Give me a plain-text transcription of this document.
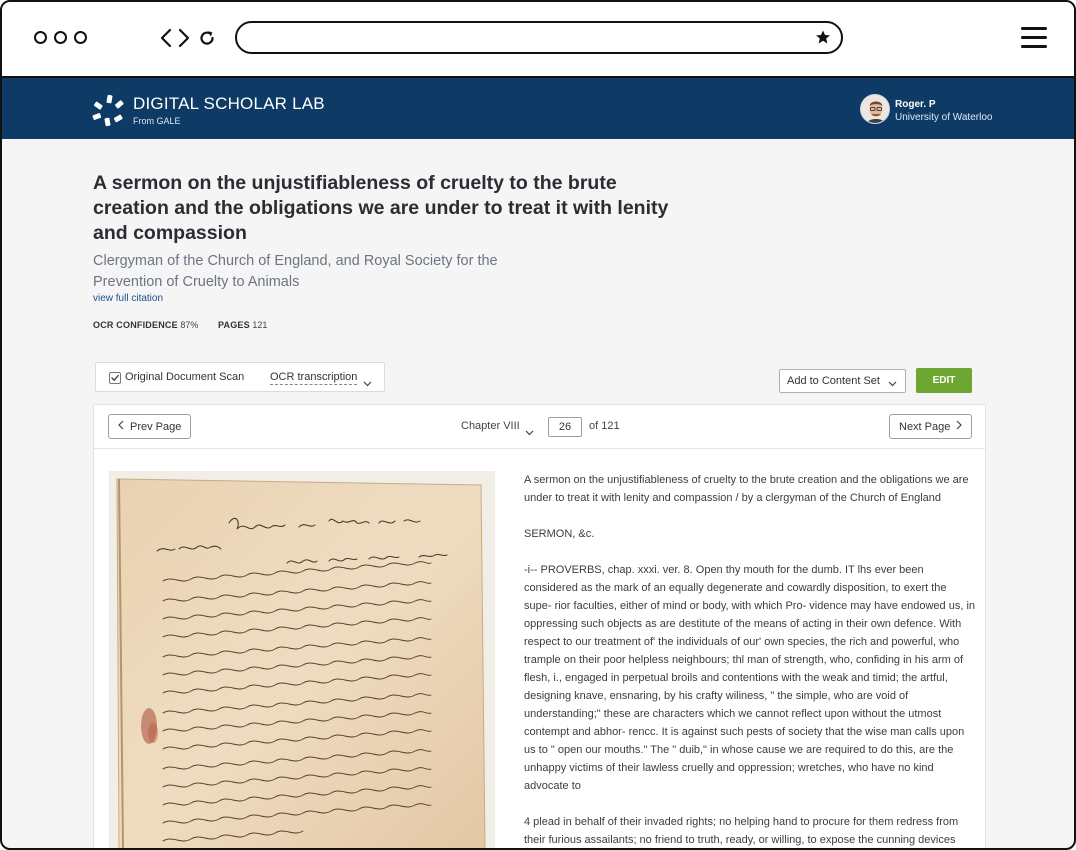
DIGITAL SCHOLAR LAB
From GALE
Roger. P
University of Waterloo
A sermon on the unjustifiableness of cruelty to the brute creation and the obligations we are under to treat it with lenity and compassion
Clergyman of the Church of England, and Royal Society for the Prevention of Cruelty to Animals
view full citation
OCR CONFIDENCE 87% PAGES 121
Original Document Scan OCR transcription	Add to Content Set	EDIT
Prev Page	Chapter VIII	26	of 121	Next Page

A sermon on the unjustifiableness of cruelty to the brute creation and the obligations we are under to treat it with lenity and compassion / by a clergyman of the Church of England

SERMON, &c.

-i-- PROVERBS, chap. xxxi. ver. 8. Open thy mouth for the dumb. IT lhs ever been considered as the mark of an equally degenerate and cowardly disposition, to exert the supe- rior faculties, either of mind or body, with which Pro- vidence may have endowed us, in oppressing such objects as are destitute of the means of acting in their own defence. With respect to our treatment of' the individuals of our' own species, the rich and powerful, who trample on their poor helpless neighbours; thl man of strength, who, confiding in his arm of flesh, i., engaged in perpetual broils and contentions with the weak and timid; the artful, designing knave, ensnaring, by his crafty wiliness, " the simple, who are void of understanding;" these are characters which we cannot reflect upon without the utmost contempt and abhor- rencc. It is against such pests of society that the wise man calls upon us to " open our mouths." The " duib," in whose cause we are required to do this, are the unhappy victims of their lawless cruelly and oppression; wretches, who have no kind advocate to

4 plead in behalf of their invaded rights; no helping hand to procure for them redress from their furious assailants; no friend to truth, ready, or willing, to expose the cunning devices
